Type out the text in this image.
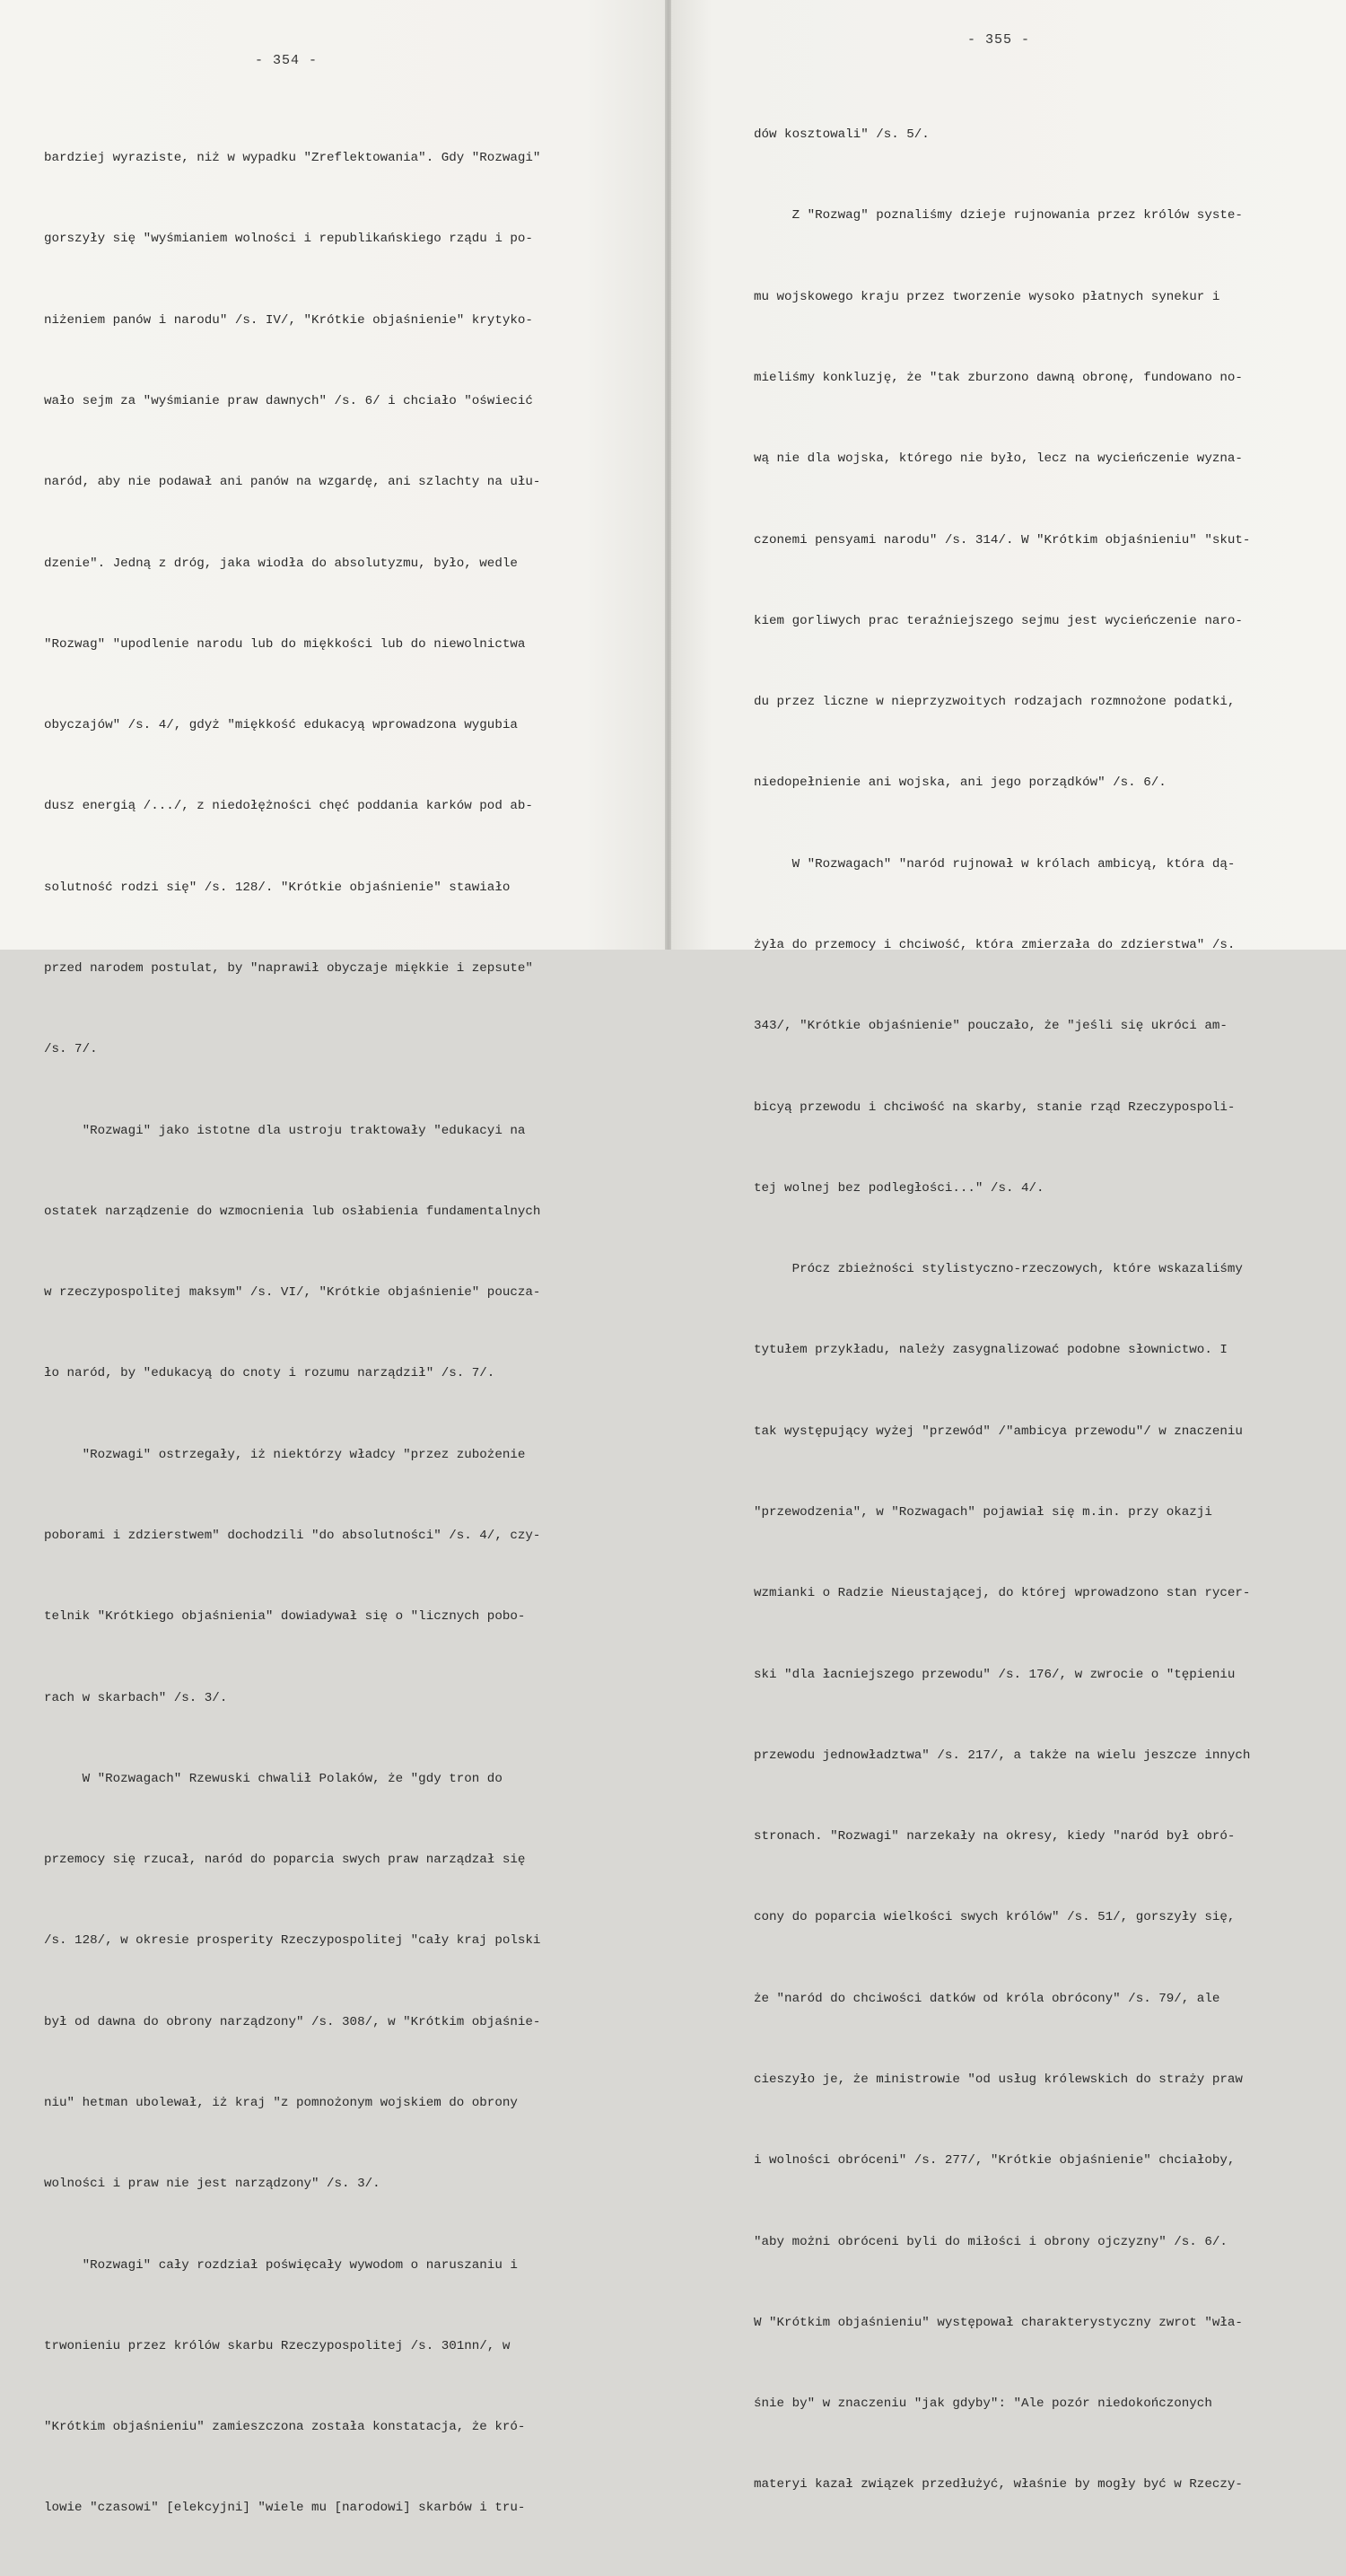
- 354 -

bardziej wyraziste, niż w wypadku "Zreflektowania". Gdy "Rozwagi"

gorszyły się "wyśmianiem wolności i republikańskiego rządu i po-

niżeniem panów i narodu" /s. IV/, "Krótkie objaśnienie" krytyko-

wało sejm za "wyśmianie praw dawnych" /s. 6/ i chciało "oświecić

naród, aby nie podawał ani panów na wzgardę, ani szlachty na ułu-

dzenie". Jedną z dróg, jaka wiodła do absolutyzmu, było, wedle

"Rozwag" "upodlenie narodu lub do miękkości lub do niewolnictwa

obyczajów" /s. 4/, gdyż "miękkość edukacyą wprowadzona wygubia

dusz energią /.../, z niedołężności chęć poddania karków pod ab-

solutność rodzi się" /s. 128/. "Krótkie objaśnienie" stawiało

przed narodem postulat, by "naprawił obyczaje miękkie i zepsute"

/s. 7/.

"Rozwagi" jako istotne dla ustroju traktowały "edukacyi na

ostatek narządzenie do wzmocnienia lub osłabienia fundamentalnych

w rzeczypospolitej maksym" /s. VI/, "Krótkie objaśnienie" poucza-

ło naród, by "edukacyą do cnoty i rozumu narządził" /s. 7/.

"Rozwagi" ostrzegały, iż niektórzy władcy "przez zubożenie

poborami i zdzierstwem" dochodzili "do absolutności" /s. 4/, czy-

telnik "Krótkiego objaśnienia" dowiadywał się o "licznych pobo-

rach w skarbach" /s. 3/.

W "Rozwagach" Rzewuski chwalił Polaków, że "gdy tron do

przemocy się rzucał, naród do poparcia swych praw narządzał się

/s. 128/, w okresie prosperity Rzeczypospolitej "cały kraj polski

był od dawna do obrony narządzony" /s. 308/, w "Krótkim objaśnie-

niu" hetman ubolewał, iż kraj "z pomnożonym wojskiem do obrony

wolności i praw nie jest narządzony" /s. 3/.

"Rozwagi" cały rozdział poświęcały wywodom o naruszaniu i

trwonieniu przez królów skarbu Rzeczypospolitej /s. 301nn/, w

"Krótkim objaśnieniu" zamieszczona została konstatacja, że kró-

lowie "czasowi" [elekcyjni] "wiele mu [narodowi] skarbów i tru-

- 355 -

dów kosztowali" /s. 5/.

Z "Rozwag" poznaliśmy dzieje rujnowania przez królów syste-

mu wojskowego kraju przez tworzenie wysoko płatnych synekur i

mieliśmy konkluzję, że "tak zburzono dawną obronę, fundowano no-

wą nie dla wojska, którego nie było, lecz na wycieńczenie wyzna-

czonemi pensyami narodu" /s. 314/. W "Krótkim objaśnieniu" "skut-

kiem gorliwych prac teraźniejszego sejmu jest wycieńczenie naro-

du przez liczne w nieprzyzwoitych rodzajach rozmnożone podatki,

niedopełnienie ani wojska, ani jego porządków" /s. 6/.

W "Rozwagach" "naród rujnował w królach ambicyą, która dą-

żyła do przemocy i chciwość, która zmierzała do zdzierstwa" /s.

343/, "Krótkie objaśnienie" pouczało, że "jeśli się ukróci am-

bicyą przewodu i chciwość na skarby, stanie rząd Rzeczypospoli-

tej wolnej bez podległości..." /s. 4/.

Prócz zbieżności stylistyczno-rzeczowych, które wskazaliśmy

tytułem przykładu, należy zasygnalizować podobne słownictwo. I

tak występujący wyżej "przewód" /"ambicya przewodu"/ w znaczeniu

"przewodzenia", w "Rozwagach" pojawiał się m.in. przy okazji

wzmianki o Radzie Nieustającej, do której wprowadzono stan rycer-

ski "dla łacniejszego przewodu" /s. 176/, w zwrocie o "tępieniu

przewodu jednowładztwa" /s. 217/, a także na wielu jeszcze innych

stronach. "Rozwagi" narzekały na okresy, kiedy "naród był obró-

cony do poparcia wielkości swych królów" /s. 51/, gorszyły się,

że "naród do chciwości datków od króla obrócony" /s. 79/, ale

cieszyło je, że ministrowie "od usług królewskich do straży praw

i wolności obróceni" /s. 277/, "Krótkie objaśnienie" chciałoby,

"aby możni obróceni byli do miłości i obrony ojczyzny" /s. 6/.

W "Krótkim objaśnieniu" występował charakterystyczny zwrot "wła-

śnie by" w znaczeniu "jak gdyby": "Ale pozór niedokończonych

materyi kazał związek przedłużyć, właśnie by mogły być w Rzeczy-
